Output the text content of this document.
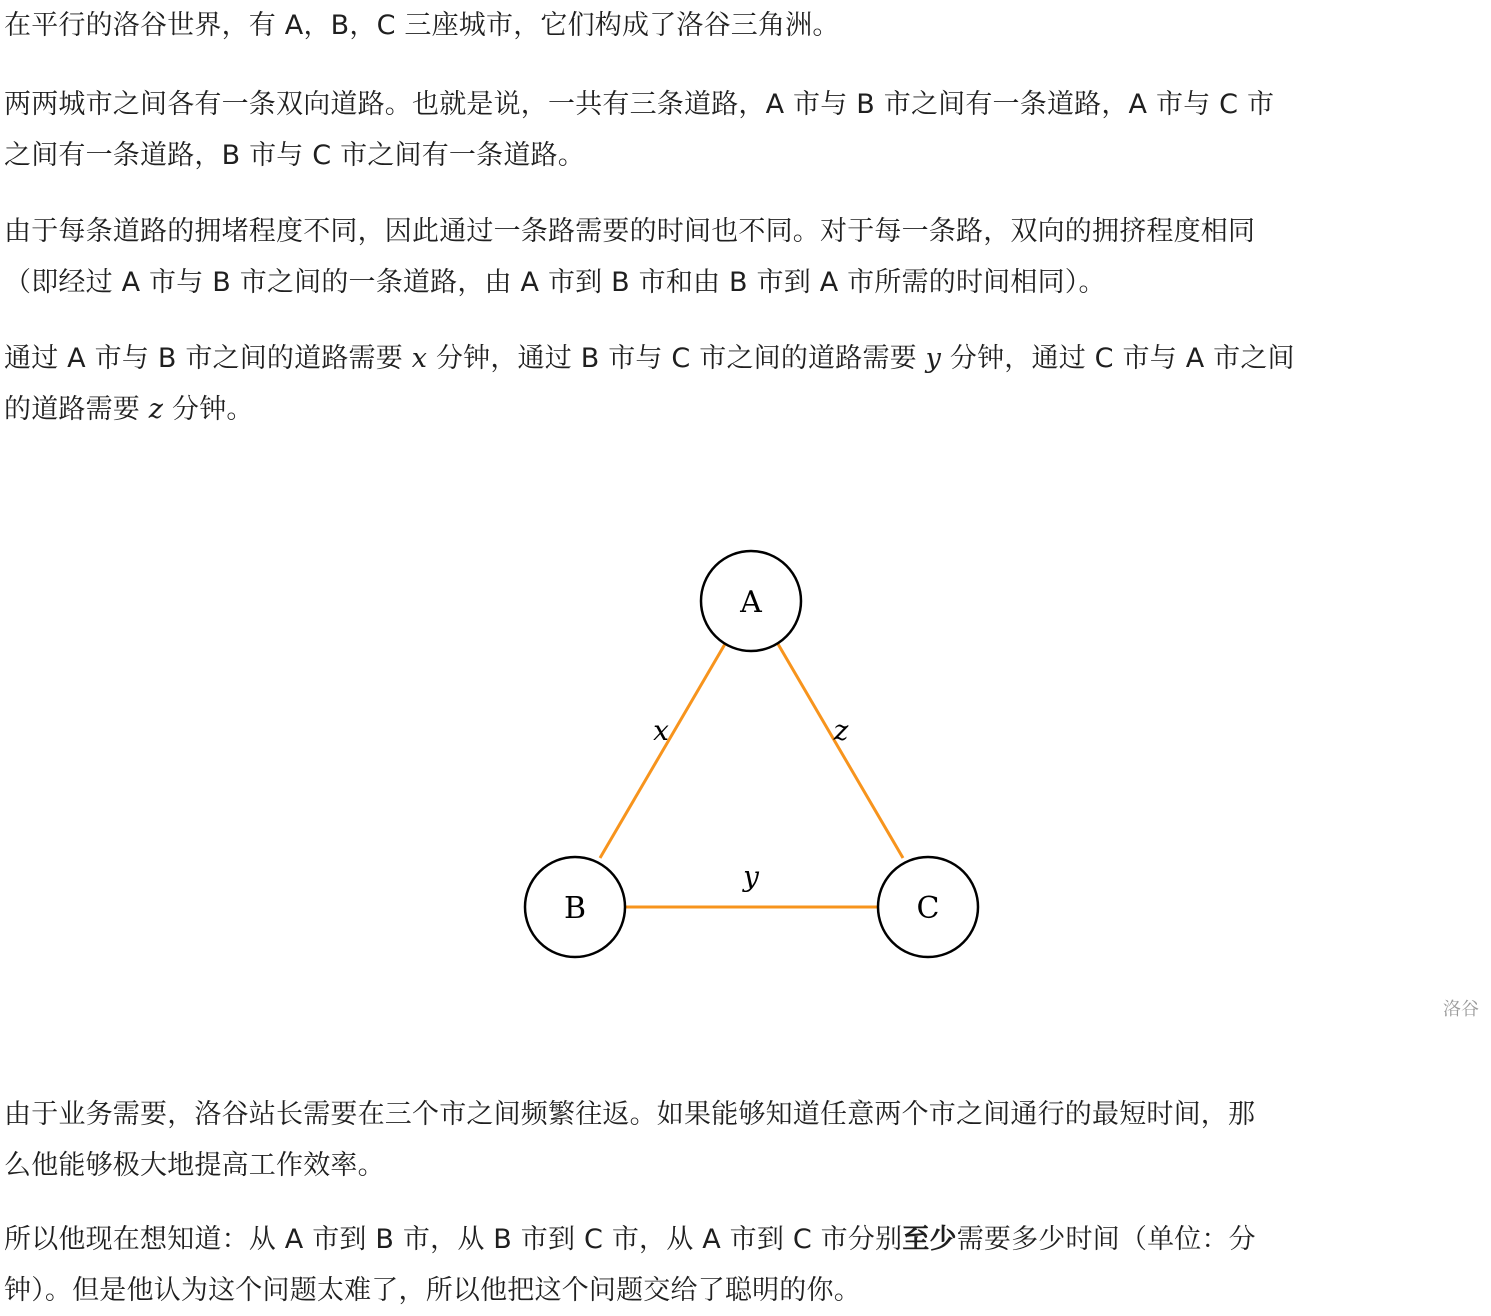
在平行的洛谷世界，有 A，B，C 三座城市，它们构成了洛谷三角洲。

两两城市之间各有一条双向道路。也就是说，一共有三条道路，A 市与 B 市之间有一条道路，A 市与 C 市
之间有一条道路，B 市与 C 市之间有一条道路。

由于每条道路的拥堵程度不同，因此通过一条路需要的时间也不同。对于每一条路，双向的拥挤程度相同
（即经过 A 市与 B 市之间的一条道路，由 A 市到 B 市和由 B 市到 A 市所需的时间相同）。

通过 A 市与 B 市之间的道路需要 x 分钟，通过 B 市与 C 市之间的道路需要 y 分钟，通过 C 市与 A 市之间
的道路需要 z 分钟。

由于业务需要，洛谷站长需要在三个市之间频繁往返。如果能够知道任意两个市之间通行的最短时间，那
么他能够极大地提高工作效率。

所以他现在想知道：从 A 市到 B 市，从 B 市到 C 市，从 A 市到 C 市分别至少需要多少时间（单位：分
钟）。但是他认为这个问题太难了，所以他把这个问题交给了聪明的你。

A
B	C
x
y
z
洛谷
